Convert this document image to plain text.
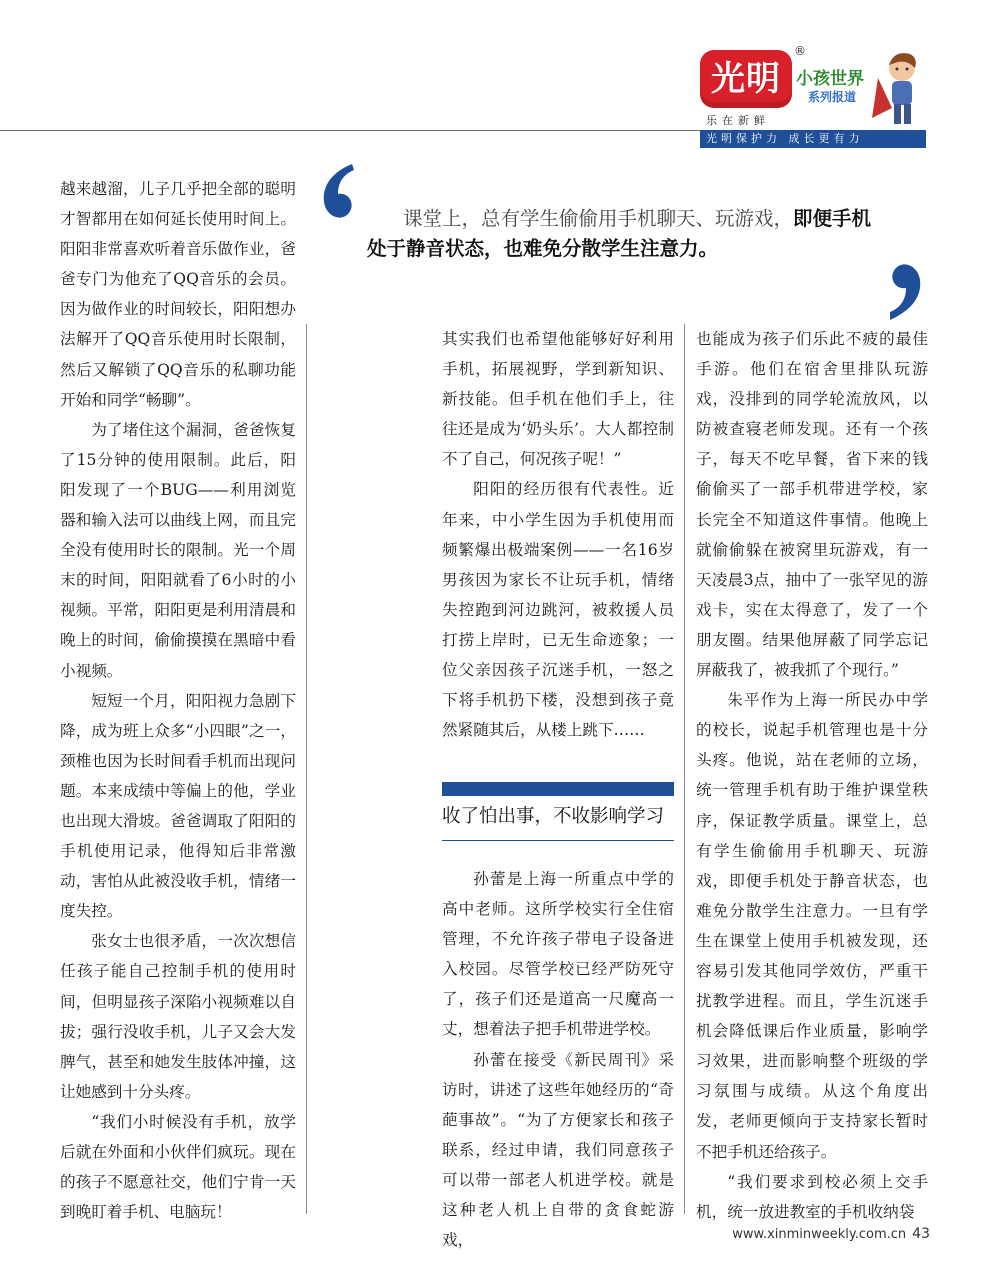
光明
®
小孩世界
系列报道
乐在新鲜
光明保护力 成长更有力
课堂上，总有学生偷偷用手机聊天、玩游戏，即便手机处于静音状态，也难免分散学生注意力。

越来越溜，儿子几乎把全部的聪明才智都用在如何延长使用时间上。阳阳非常喜欢听着音乐做作业，爸爸专门为他充了QQ音乐的会员。因为做作业的时间较长，阳阳想办法解开了QQ音乐使用时长限制，然后又解锁了QQ音乐的私聊功能开始和同学“畅聊”。

为了堵住这个漏洞，爸爸恢复了15分钟的使用限制。此后，阳阳发现了一个BUG——利用浏览器和输入法可以曲线上网，而且完全没有使用时长的限制。光一个周末的时间，阳阳就看了6小时的小视频。平常，阳阳更是利用清晨和晚上的时间，偷偷摸摸在黑暗中看小视频。

短短一个月，阳阳视力急剧下降，成为班上众多“小四眼”之一，颈椎也因为长时间看手机而出现问题。本来成绩中等偏上的他，学业也出现大滑坡。爸爸调取了阳阳的手机使用记录，他得知后非常激动，害怕从此被没收手机，情绪一度失控。

张女士也很矛盾，一次次想信任孩子能自己控制手机的使用时间，但明显孩子深陷小视频难以自拔；强行没收手机，儿子又会大发脾气，甚至和她发生肢体冲撞，这让她感到十分头疼。

“我们小时候没有手机，放学后就在外面和小伙伴们疯玩。现在的孩子不愿意社交，他们宁肯一天到晚盯着手机、电脑玩！

其实我们也希望他能够好好利用手机，拓展视野，学到新知识、新技能。但手机在他们手上，往往还是成为‘奶头乐’。大人都控制不了自己，何况孩子呢！”

阳阳的经历很有代表性。近年来，中小学生因为手机使用而频繁爆出极端案例——一名16岁男孩因为家长不让玩手机，情绪失控跑到河边跳河，被救援人员打捞上岸时，已无生命迹象；一位父亲因孩子沉迷手机，一怒之下将手机扔下楼，没想到孩子竟然紧随其后，从楼上跳下……

收了怕出事，不收影响学习

孙蕾是上海一所重点中学的高中老师。这所学校实行全住宿管理，不允许孩子带电子设备进入校园。尽管学校已经严防死守了，孩子们还是道高一尺魔高一丈，想着法子把手机带进学校。

孙蕾在接受《新民周刊》采访时，讲述了这些年她经历的“奇葩事故”。“为了方便家长和孩子联系，经过申请，我们同意孩子可以带一部老人机进学校。就是这种老人机上自带的贪食蛇游戏，

也能成为孩子们乐此不疲的最佳手游。他们在宿舍里排队玩游戏，没排到的同学轮流放风，以防被查寝老师发现。还有一个孩子，每天不吃早餐，省下来的钱偷偷买了一部手机带进学校，家长完全不知道这件事情。他晚上就偷偷躲在被窝里玩游戏，有一天凌晨3点，抽中了一张罕见的游戏卡，实在太得意了，发了一个朋友圈。结果他屏蔽了同学忘记屏蔽我了，被我抓了个现行。”

朱平作为上海一所民办中学的校长，说起手机管理也是十分头疼。他说，站在老师的立场，统一管理手机有助于维护课堂秩序，保证教学质量。课堂上，总有学生偷偷用手机聊天、玩游戏，即便手机处于静音状态，也难免分散学生注意力。一旦有学生在课堂上使用手机被发现，还容易引发其他同学效仿，严重干扰教学进程。而且，学生沉迷手机会降低课后作业质量，影响学习效果，进而影响整个班级的学习氛围与成绩。从这个角度出发，老师更倾向于支持家长暂时不把手机还给孩子。

“我们要求到校必须上交手机，统一放进教室的手机收纳袋

www.xinminweekly.com.cn 43
